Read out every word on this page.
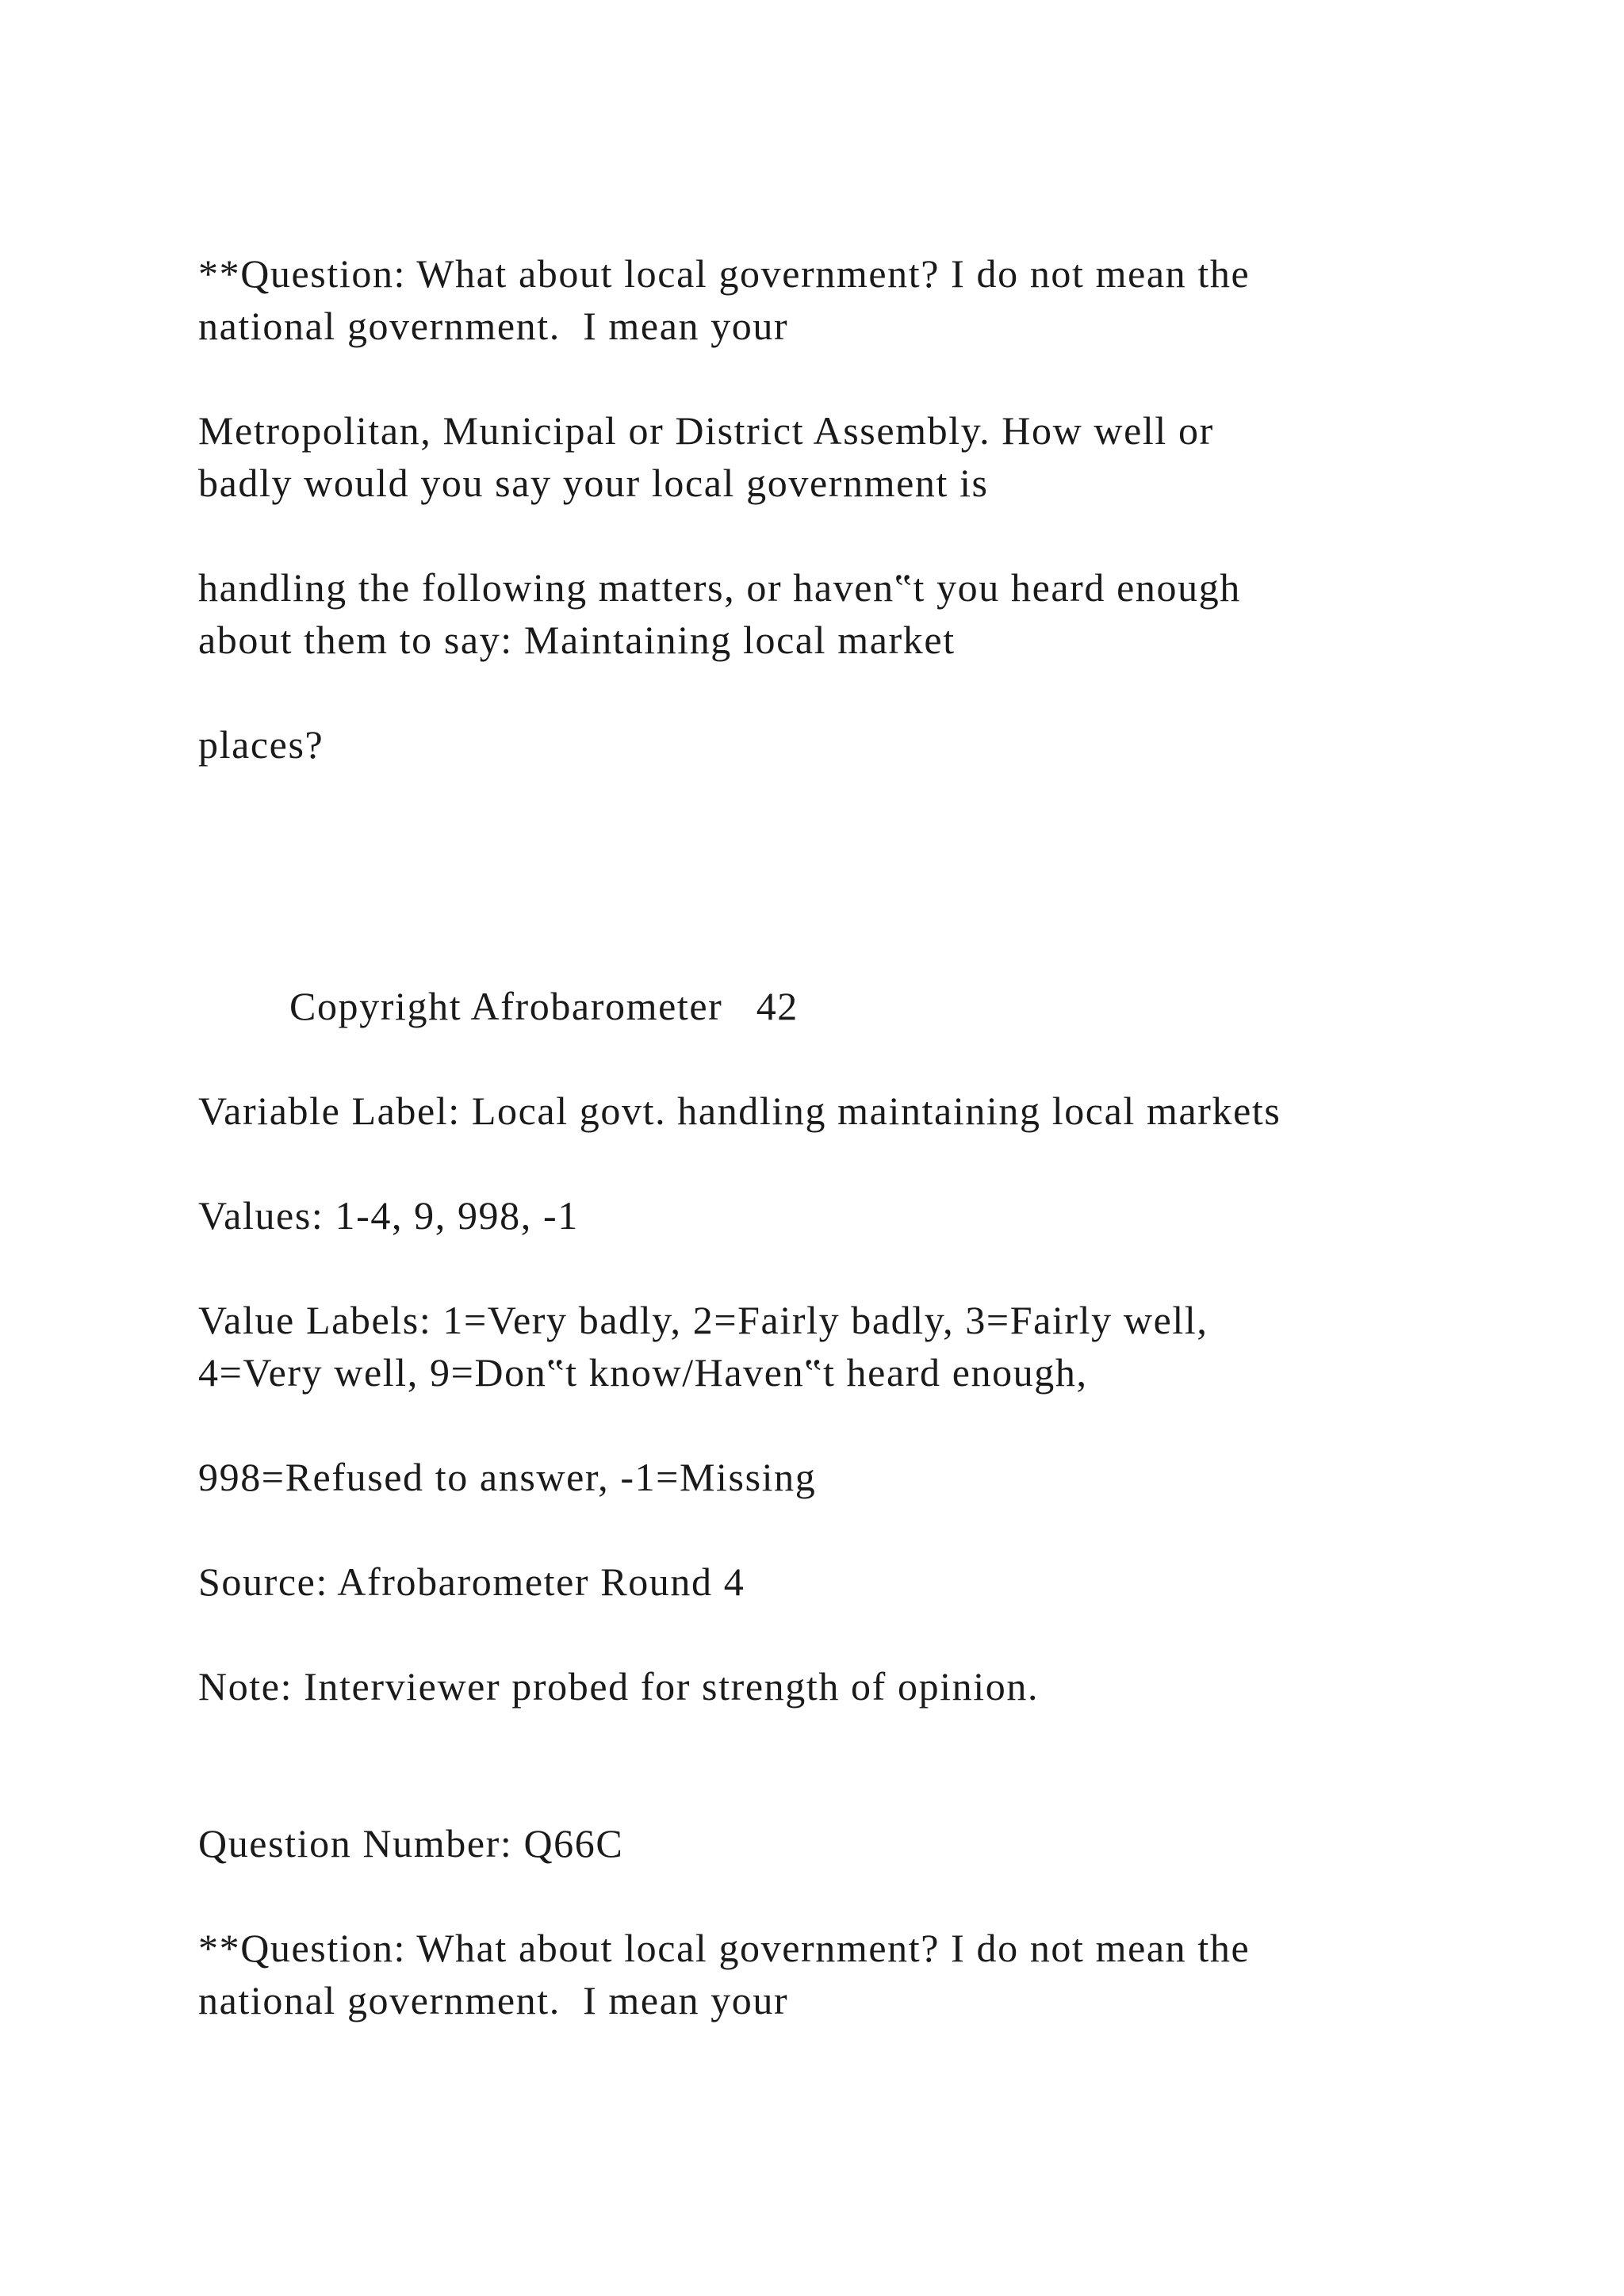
**Question: What about local government? I do not mean the
national government.  I mean your
Metropolitan, Municipal or District Assembly. How well or
badly would you say your local government is
handling the following matters, or haven‟t you heard enough
about them to say: Maintaining local market
places?
Copyright Afrobarometer   42
Variable Label: Local govt. handling maintaining local markets
Values: 1-4, 9, 998, -1
Value Labels: 1=Very badly, 2=Fairly badly, 3=Fairly well,
4=Very well, 9=Don‟t know/Haven‟t heard enough,
998=Refused to answer, -1=Missing
Source: Afrobarometer Round 4
Note: Interviewer probed for strength of opinion.
Question Number: Q66C
**Question: What about local government? I do not mean the
national government.  I mean your
